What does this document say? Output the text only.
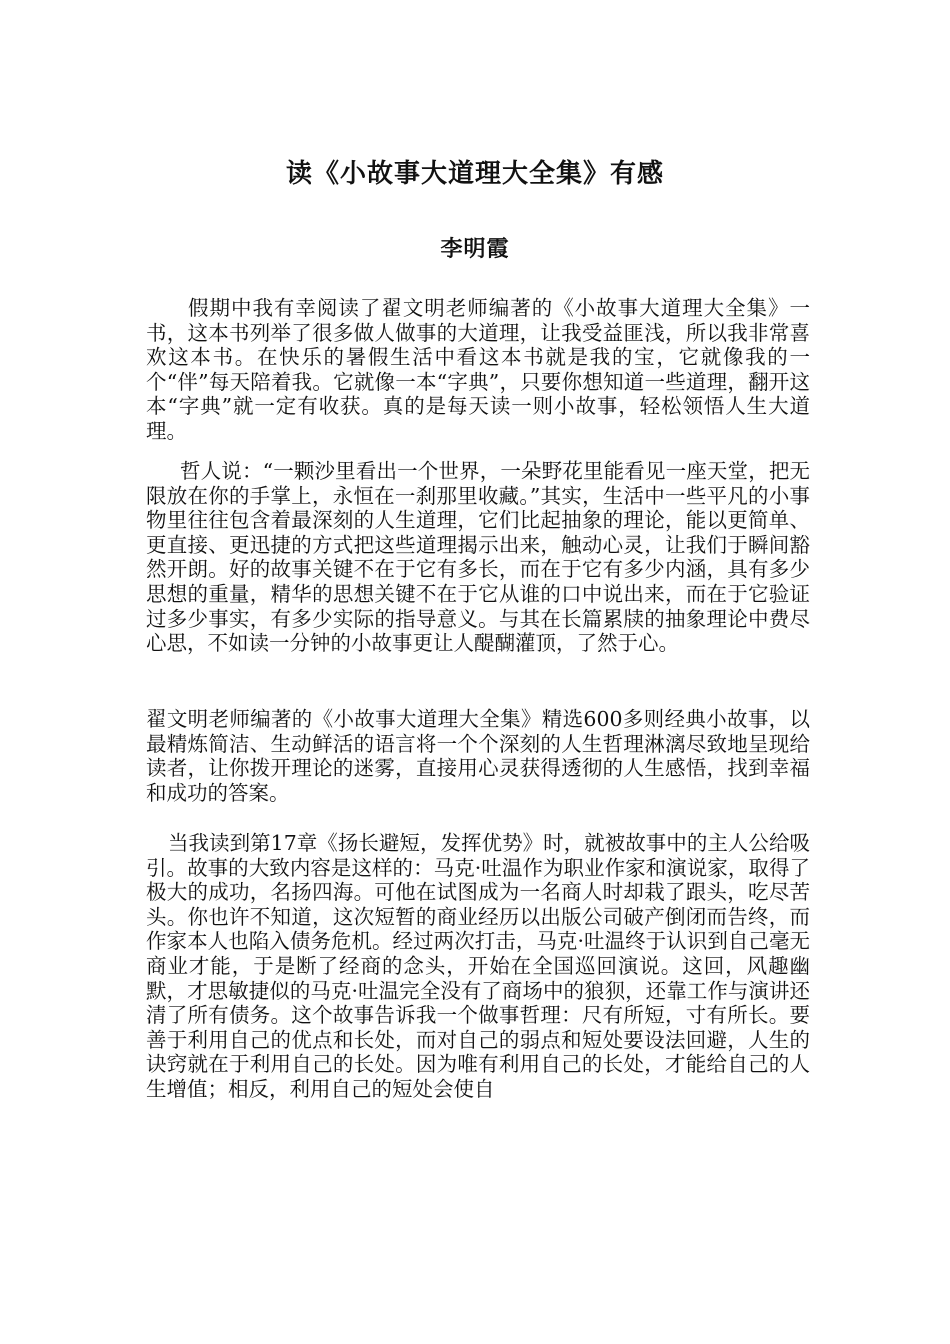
读《小故事大道理大全集》有感
李明霞
假期中我有幸阅读了翟文明老师编著的《小故事大道理大全集》一书，这本书列举了很多做人做事的大道理，让我受益匪浅，所以我非常喜欢这本书。在快乐的暑假生活中看这本书就是我的宝，它就像我的一个“伴”每天陪着我。它就像一本“字典”，只要你想知道一些道理，翻开这本“字典”就一定有收获。真的是每天读一则小故事，轻松领悟人生大道理。
哲人说：“一颗沙里看出一个世界，一朵野花里能看见一座天堂，把无限放在你的手掌上，永恒在一刹那里收藏。”其实，生活中一些平凡的小事物里往往包含着最深刻的人生道理，它们比起抽象的理论，能以更简单、更直接、更迅捷的方式把这些道理揭示出来，触动心灵，让我们于瞬间豁然开朗。好的故事关键不在于它有多长，而在于它有多少内涵，具有多少思想的重量，精华的思想关键不在于它从谁的口中说出来，而在于它验证过多少事实，有多少实际的指导意义。与其在长篇累牍的抽象理论中费尽心思，不如读一分钟的小故事更让人醍醐灌顶，了然于心。
翟文明老师编著的《小故事大道理大全集》精选600多则经典小故事，以最精炼简洁、生动鲜活的语言将一个个深刻的人生哲理淋漓尽致地呈现给读者，让你拨开理论的迷雾，直接用心灵获得透彻的人生感悟，找到幸福和成功的答案。
当我读到第17章《扬长避短，发挥优势》时，就被故事中的主人公给吸引。故事的大致内容是这样的：马克·吐温作为职业作家和演说家，取得了极大的成功，名扬四海。可他在试图成为一名商人时却栽了跟头，吃尽苦头。你也许不知道，这次短暂的商业经历以出版公司破产倒闭而告终，而作家本人也陷入债务危机。经过两次打击，马克·吐温终于认识到自己毫无商业才能，于是断了经商的念头，开始在全国巡回演说。这回，风趣幽默，才思敏捷似的马克·吐温完全没有了商场中的狼狈，还靠工作与演讲还清了所有债务。这个故事告诉我一个做事哲理：尺有所短，寸有所长。要善于利用自己的优点和长处，而对自己的弱点和短处要设法回避，人生的诀窍就在于利用自己的长处。因为唯有利用自己的长处，才能给自己的人生增值；相反，利用自己的短处会使自
